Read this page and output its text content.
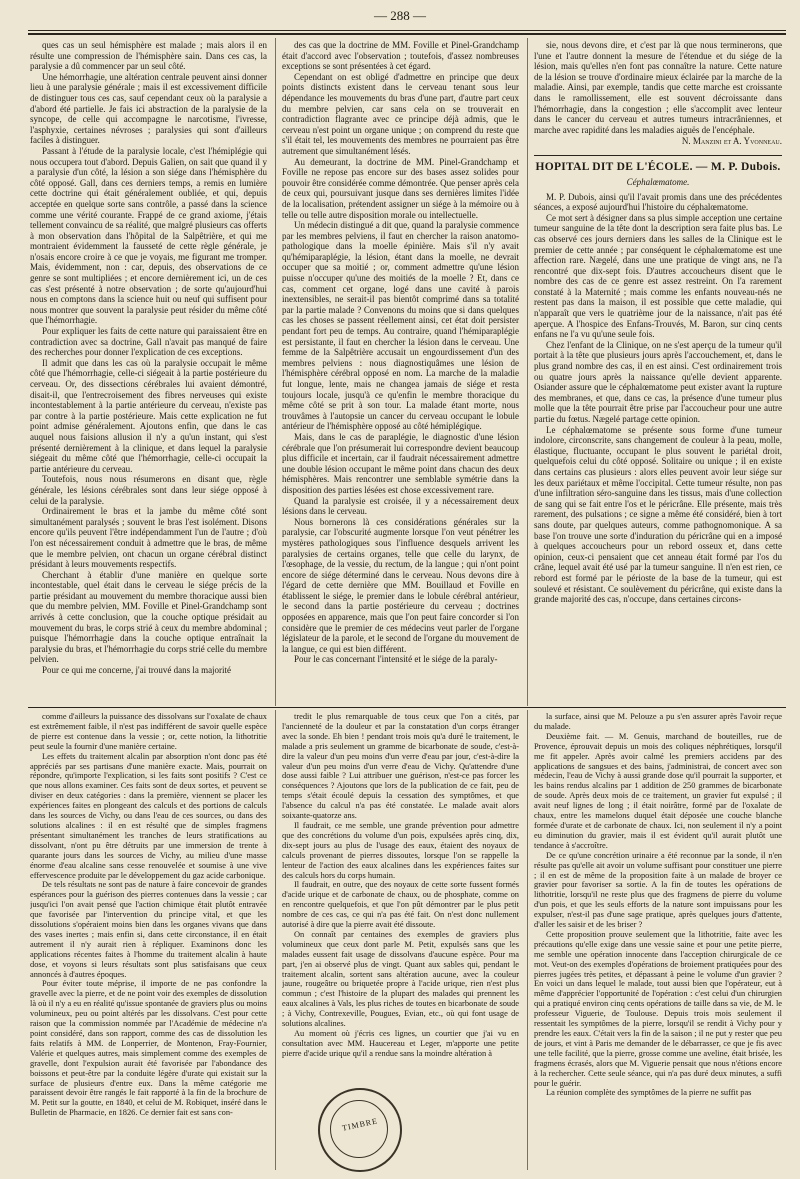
— 288 —

ques cas un seul hémisphère est malade ; mais alors il en résulte une compression de l'hémisphère sain. Dans ces cas, la paralysie a dû commencer par un seul côté.

Une hémorrhagie, une altération centrale peuvent ainsi donner lieu à une paralysie générale ; mais il est excessivement difficile de distinguer tous ces cas, sauf cependant ceux où la paralysie a d'abord été partielle. Je fais ici abstraction de la paralysie de la syncope, de celle qui accompagne le narcotisme, l'ivresse, l'asphyxie, certaines névroses ; paralysies qui sont d'ailleurs faciles à distinguer.

Passant à l'étude de la paralysie locale, c'est l'hémiplégie qui nous occupera tout d'abord. Depuis Galien, on sait que quand il y a paralysie d'un côté, la lésion a son siége dans l'hémisphère du côté opposé. Gall, dans ces derniers temps, a remis en lumière cette doctrine qui était généralement oubliée, et qui, depuis acceptée en quelque sorte sans contrôle, a passé dans la science comme une vérité courante. Frappé de ce grand axiome, j'étais tellement convaincu de sa réalité, que malgré plusieurs cas offerts à mon observation dans l'hôpital de la Salpêtrière, et qui me montraient évidemment la fausseté de cette règle générale, je n'osais encore croire à ce que je voyais, me figurant me tromper. Mais, évidemment, non : car, depuis, des observations de ce genre se sont multipliées ; et encore dernièrement ici, un de ces cas s'est présenté à notre observation ; de sorte qu'aujourd'hui nous en comptons dans la science huit ou neuf qui suffisent pour nous montrer que souvent la paralysie peut résider du même côté que l'hémorrhagie.

Pour expliquer les faits de cette nature qui paraissaient être en contradiction avec sa doctrine, Gall n'avait pas manqué de faire des recherches pour donner l'explication de ces exceptions.

Il admit que dans les cas où la paralysie occupait le même côté que l'hémorrhagie, celle-ci siégeait à la partie postérieure du cerveau. Or, des dissections cérébrales lui avaient démontré, disait-il, que l'entrecroisement des fibres nerveuses qui existe incontestablement à la partie antérieure du cerveau, n'existe pas par contre à la partie postérieure. Mais cette explication ne fut point admise généralement. Ajoutons enfin, que dans le cas auquel nous faisions allusion il n'y a qu'un instant, qui s'est présenté dernièrement à la clinique, et dans lequel la paralysie siégeait du même côté que l'hémorrhagie, celle-ci occupait la partie antérieure du cerveau.

Toutefois, nous nous résumerons en disant que, règle générale, les lésions cérébrales sont dans leur siége opposé à celui de la paralysie.

Ordinairement le bras et la jambe du même côté sont simultanément paralysés ; souvent le bras l'est isolément. Disons encore qu'ils peuvent l'être indépendamment l'un de l'autre ; d'où l'on est nécessairement conduit à admettre que le bras, de même que le membre pelvien, ont chacun un organe cérébral distinct présidant à leurs mouvements respectifs.

Cherchant à établir d'une manière en quelque sorte incontestable, quel était dans le cerveau le siége précis de la partie présidant au mouvement du membre thoracique aussi bien que du membre pelvien, MM. Foville et Pinel-Grandchamp sont arrivés à cette conclusion, que la couche optique présidait au mouvement du bras, le corps strié à ceux du membre abdominal ; puisque l'hémorrhagie dans la couche optique entraînait la paralysie du bras, et l'hémorrhagie du corps strié celle du membre pelvien.

Pour ce qui me concerne, j'ai trouvé dans la majorité

des cas que la doctrine de MM. Foville et Pinel-Grandchamp était d'accord avec l'observation ; toutefois, d'assez nombreuses exceptions se sont présentées à cet égard.

Cependant on est obligé d'admettre en principe que deux points distincts existent dans le cerveau tenant sous leur dépendance les mouvements du bras d'une part, d'autre part ceux du membre pelvien, car sans cela on se trouverait en contradiction flagrante avec ce principe déjà admis, que le cerveau n'est point un organe unique ; on comprend du reste que s'il était tel, les mouvements des membres ne pourraient pas être autrement que simultanément lésés.

Au demeurant, la doctrine de MM. Pinel-Grandchamp et Foville ne repose pas encore sur des bases assez solides pour pouvoir être considérée comme démontrée. Que penser après cela de ceux qui, poursuivant jusque dans ses dernières limites l'idée de la localisation, prétendent assigner un siége à la mémoire ou à telle ou telle autre disposition morale ou intellectuelle.

Un médecin distingué a dit que, quand la paralysie commence par les membres pelviens, il faut en chercher la raison anatomo-pathologique dans la moelle épinière. Mais s'il n'y avait qu'hémiparaplégie, la lésion, étant dans la moelle, ne devrait occuper que sa moitié ; or, comment admettre qu'une lésion puisse n'occuper qu'une des moitiés de la moelle ? Et, dans ce cas, comment cet organe, logé dans une cavité à parois inextensibles, ne serait-il pas bientôt comprimé dans sa totalité par la partie malade ? Convenons du moins que si dans quelques cas les choses se passent réellement ainsi, cet état doit persister pendant fort peu de temps. Au contraire, quand l'hémiparaplégie est persistante, il faut en chercher la lésion dans le cerveau. Une femme de la Salpêtrière accusait un engourdissement d'un des membres pelviens : nous diagnostiquâmes une lésion de l'hémisphère cérébral opposé en nom. La marche de la maladie fut longue, lente, mais ne changea jamais de siége et resta toujours locale, jusqu'à ce qu'enfin le membre thoracique du même côté se prit à son tour. La malade étant morte, nous trouvâmes à l'autopsie un cancer du cerveau occupant le lobule antérieur de l'hémisphère opposé au côté hémiplégique.

Mais, dans le cas de paraplégie, le diagnostic d'une lésion cérébrale que l'on présumerait lui correspondre devient beaucoup plus difficile et incertain, car il faudrait nécessairement admettre une double lésion occupant le même point dans chacun des deux hémisphères. Mais rencontrer une semblable symétrie dans la disposition des parties lésées est chose excessivement rare.

Quand la paralysie est croisée, il y a nécessairement deux lésions dans le cerveau.

Nous bornerons là ces considérations générales sur la paralysie, car l'obscurité augmente lorsque l'on veut pénétrer les mystères pathologiques sous l'influence desquels arrivent les paralysies de certains organes, telle que celle du larynx, de l'œsophage, de la vessie, du rectum, de la langue ; qui n'ont point encore de siége déterminé dans le cerveau. Nous devons dire à l'égard de cette dernière que MM. Bouillaud et Foville en établissent le siége, le premier dans le lobule cérébral antérieur, le second dans la partie postérieure du cerveau ; doctrines opposées en apparence, mais que l'on peut faire concorder si l'on considère que le premier de ces médecins veut parler de l'organe législateur de la parole, et le second de l'organe du mouvement de la langue, ce qui est bien différent.

Pour le cas concernant l'intensité et le siége de la paraly-

sie, nous devons dire, et c'est par là que nous terminerons, que l'une et l'autre donnent la mesure de l'étendue et du siége de la lésion, mais qu'elles n'en font pas connaître la nature. Cette nature de la lésion se trouve d'ordinaire mieux éclairée par la marche de la maladie. Ainsi, par exemple, tandis que cette marche est croissante dans le ramollissement, elle est souvent décroissante dans l'hémorrhagie, dans la congestion ; elle s'accomplit avec lenteur dans le cancer du cerveau et autres tumeurs intracrâniennes, et marche avec rapidité dans les maladies aiguës de l'encéphale.

N. Manzini et A. Yvonneau.

HOPITAL DIT DE L'ÉCOLE. — M. P. Dubois.

Céphalœmatome.

M. P. Dubois, ainsi qu'il l'avait promis dans une des précédentes séances, a exposé aujourd'hui l'histoire du céphalœmatome.

Ce mot sert à désigner dans sa plus simple acception une certaine tumeur sanguine de la tête dont la description sera faite plus bas. Le cas observé ces jours derniers dans les salles de la Clinique est le premier de cette année ; par conséquent le céphalœmatome est une affection rare. Nægelé, dans une une pratique de vingt ans, ne l'a rencontré que dix-sept fois. D'autres accoucheurs disent que le nombre des cas de ce genre est assez restreint. On l'a rarement constaté à la Maternité ; mais comme les enfants nouveau-nés ne restent pas dans la maison, il est possible que cette maladie, qui n'apparaît que vers le quatrième jour de la naissance, n'ait pas été aperçue. A l'hospice des Enfans-Trouvés, M. Baron, sur cinq cents enfans ne l'a vu qu'une seule fois.

Chez l'enfant de la Clinique, on ne s'est aperçu de la tumeur qu'il portait à la tête que plusieurs jours après l'accouchement, et, dans le plus grand nombre des cas, il en est ainsi. C'est ordinairement trois ou quatre jours après la naissance qu'elle devient apparente. Osiander assure que le céphalœmatome peut exister avant la rupture des membranes, et que, dans ce cas, la présence d'une tumeur plus molle que la tête pourrait être prise par l'accoucheur pour une autre partie du fœtus. Nægelé partage cette opinion.

Le céphalœmatome se présente sous forme d'une tumeur indolore, circonscrite, sans changement de couleur à la peau, molle, élastique, fluctuante, occupant le plus souvent le pariétal droit, quelquefois celui du côté opposé. Solitaire ou unique ; il en existe dans certains cas plusieurs : alors elles peuvent avoir leur siége sur les deux pariétaux et même l'occipital. Cette tumeur résulte, non pas d'une infiltration séro-sanguine dans les tissus, mais d'une collection de sang qui se fait entre l'os et le péricrâne. Elle présente, mais très rarement, des pulsations ; ce signe a même été considéré, bien à tort sans doute, par quelques auteurs, comme pathognomonique. A sa base l'on trouve une sorte d'induration du péricrâne qui en a imposé à quelques accoucheurs pour un rebord osseux et, dans cette opinion, ceux-ci pensaient que cet anneau était formé par l'os du crâne, lequel avait été usé par la tumeur sanguine. Il n'en est rien, ce rebord est formé par le périoste de la base de la tumeur, qui est soulevé et résistant. Ce soulèvement du péricrâne, qui existe dans la grande majorité des cas, n'occupe, dans certaines circons-

comme d'ailleurs la puissance des dissolvans sur l'oxalate de chaux est extrêmement faible, il n'est pas indifférent de savoir quelle espèce de pierre est contenue dans la vessie ; or, cette notion, la lithotritie peut seule la fournir d'une manière certaine.

Les effets du traitement alcalin par absorption n'ont donc pas été appréciés par ses partisans d'une manière exacte. Mais, pourrait on répondre, qu'importe l'explication, si les faits sont positifs ? C'est ce que nous allons examiner. Ces faits sont de deux sortes, et peuvent se diviser en deux catégories : dans la première, viennent se placer les expériences faites en plongeant des calculs et des portions de calculs dans les sources de Vichy, ou dans l'eau de ces sources, ou dans des solutions alcalines : il en est résulté que de simples fragmens présentant simultanément les tranches de leurs stratifications au dissolvant, n'ont pu être détruits par une immersion de trente à quarante jours dans les sources de Vichy, au milieu d'une masse énorme d'eau alcaline sans cesse renouvelée et soumise à une vive effervescence produite par le développement du gaz acide carbonique.

De tels résultats ne sont pas de nature à faire concevoir de grandes espérances pour la guérison des pierres contenues dans la vessie ; car jusqu'ici l'on avait pensé que l'action chimique était plutôt entravée que favorisée par l'intervention du principe vital, et que les dissolutions s'opéraient moins bien dans les organes vivans que dans des vases inertes ; mais enfin si, dans cette circonstance, il en était autrement il n'y aurait rien à répliquer. Examinons donc les applications récentes faites à l'homme du traitement alcalin à haute dose, et voyons si leurs résultats sont plus satisfaisans que ceux annoncés à d'autres époques.

Pour éviter toute méprise, il importe de ne pas confondre la gravelle avec la pierre, et de ne point voir des exemples de dissolution là où il n'y a eu en réalité qu'issue spontanée de graviers plus ou moins volumineux, peu ou point altérés par les dissolvans. C'est pour cette raison que la commission nommée par l'Académie de médecine n'a point considéré, dans son rapport, comme des cas de dissolution les faits relatifs à MM. de Lonperrier, de Montenon, Fray-Fournier, Valérie et quelques autres, mais simplement comme des exemples de gravelle, dont l'expulsion aurait été favorisée par l'abondance des boissons et peut-être par la conduite légère d'urate qui existait sur la surface de plusieurs d'entre eux. Dans la même catégorie me paraissent devoir être rangés le fait rapporté à la fin de la brochure de M. Petit sur la goutte, en 1840, et celui de M. Robiquet, inséré dans le Bulletin de Pharmacie, en 1826. Ce dernier fait est sans con-

tredit le plus remarquable de tous ceux que l'on a cités, par l'ancienneté de la douleur et par la constatation d'un corps étranger avec la sonde. Eh bien ! pendant trois mois qu'a duré le traitement, le malade a pris seulement un gramme de bicarbonate de soude, c'est-à-dire la valeur d'un peu moins d'un verre d'eau par jour, c'est-à-dire la valeur d'un peu moins d'un verre d'eau de Vichy. Qu'attendre d'une dose aussi faible ? Lui attribuer une guérison, n'est-ce pas forcer les conséquences ? Ajoutons que lors de la publication de ce fait, peu de temps s'était écoulé depuis la cessation des symptômes, et que l'absence du calcul n'a pas été constatée. Le malade avait alors soixante-quatorze ans.

Il faudrait, ce me semble, une grande prévention pour admettre que des concrétions du volume d'un pois, expulsées après cinq, dix, dix-sept jours au plus de l'usage des eaux, étaient des noyaux de calculs provenant de pierres dissoutes, lorsque l'on se rappelle la lenteur de l'action des eaux alcalines dans les expériences faites sur des calculs hors du corps humain.

Il faudrait, en outre, que des noyaux de cette sorte fussent formés d'acide urique et de carbonate de chaux, ou de phosphate, comme on en rencontre quelquefois, et que l'on pût démontrer par le plus petit nombre de ces cas, ce qui n'a pas été fait. On n'est donc nullement autorisé à dire que la pierre avait été dissoute.

On connaît par centaines des exemples de graviers plus volumineux que ceux dont parle M. Petit, expulsés sans que les malades eussent fait usage de dissolvans d'aucune espèce. Pour ma part, j'en ai observé plus de vingt. Quant aux sables qui, pendant le traitement alcalin, sortent sans altération aucune, avec la couleur jaune, rougeâtre ou briquetée propre à l'acide urique, rien n'est plus commun ; c'est l'histoire de la plupart des malades qui prennent les eaux alcalines à Vals, les plus riches de toutes en bicarbonate de soude ; à Vichy, Contrexeville, Pougues, Evian, etc., où qui font usage de solutions alcalines.

Au moment où j'écris ces lignes, un courtier que j'ai vu en consultation avec MM. Haucereau et Leger, m'apporte une petite pierre d'acide urique qu'il a rendue sans la moindre altération à

la surface, ainsi que M. Pelouze a pu s'en assurer après l'avoir reçue du malade.

Deuxième fait. — M. Genuis, marchand de bouteilles, rue de Provence, éprouvait depuis un mois des coliques néphrétiques, lorsqu'il me fit appeler. Après avoir calmé les premiers accidens par des applications de sangsues et des bains, j'administrai, de concert avec son médecin, l'eau de Vichy à aussi grande dose qu'il pourrait la supporter, et les bains rendus alcalins par 1 addition de 250 grammes de bicarbonate de soude. Après deux mois de ce traitement, un gravier fut expulsé ; il avait neuf lignes de long ; il était noirâtre, formé par de l'oxalate de chaux, entre les mamelons duquel était déposée une couche blanche formée d'urate et de carbonate de chaux. Ici, non seulement il n'y a point eu diminution du gravier, mais il est évident qu'il aurait plutôt une tendance à s'accroître.

De ce qu'une concrétion urinaire a été reconnue par la sonde, il n'en résulte pas qu'elle ait avoir un volume suffisant pour constituer une pierre ; il en est de même de la proposition faite à un malade de broyer ce gravier pour favoriser sa sortie. A la fin de toutes les opérations de lithotritie, lorsqu'il ne reste plus que des fragmens de pierre du volume d'un pois, et que les seuls efforts de la nature sont impuissans pour les expulser, n'est-il pas d'une sage pratique, après quelques jours d'attente, d'aller les saisir et de les briser ?

Cette proposition prouve seulement que la lithotritie, faite avec les précautions qu'elle exige dans une vessie saine et pour une petite pierre, me semble une opération innocente dans l'acception chirurgicale de ce mot. Veut-on des exemples d'opérations de broiement pratiquées pour des pierres jugées très petites, et dépassant à peine le volume d'un gravier ? En voici un dans lequel le malade, tout aussi bien que l'opérateur, eut à même d'apprécier l'opportunité de l'opération : c'est celui d'un chirurgien qui a pratiqué environ cinq cents opérations de taille dans sa vie, de M. le professeur Viguerie, de Toulouse. Depuis trois mois seulement il ressentait les symptômes de la pierre, lorsqu'il se rendit à Vichy pour y prendre les eaux. C'était vers la fin de la saison ; il ne put y rester que peu de jours, et vint à Paris me demander de le débarrasser, ce que je fis avec une telle facilité, que la pierre, grosse comme une aveline, était brisée, les fragmens écrasés, alors que M. Viguerie pensait que nous n'étions encore à la rechercher. Cette seule séance, qui n'a pas duré deux minutes, a suffi pour le guérir.

La réunion complète des symptômes de la pierre ne suffit pas

TIMBRE
